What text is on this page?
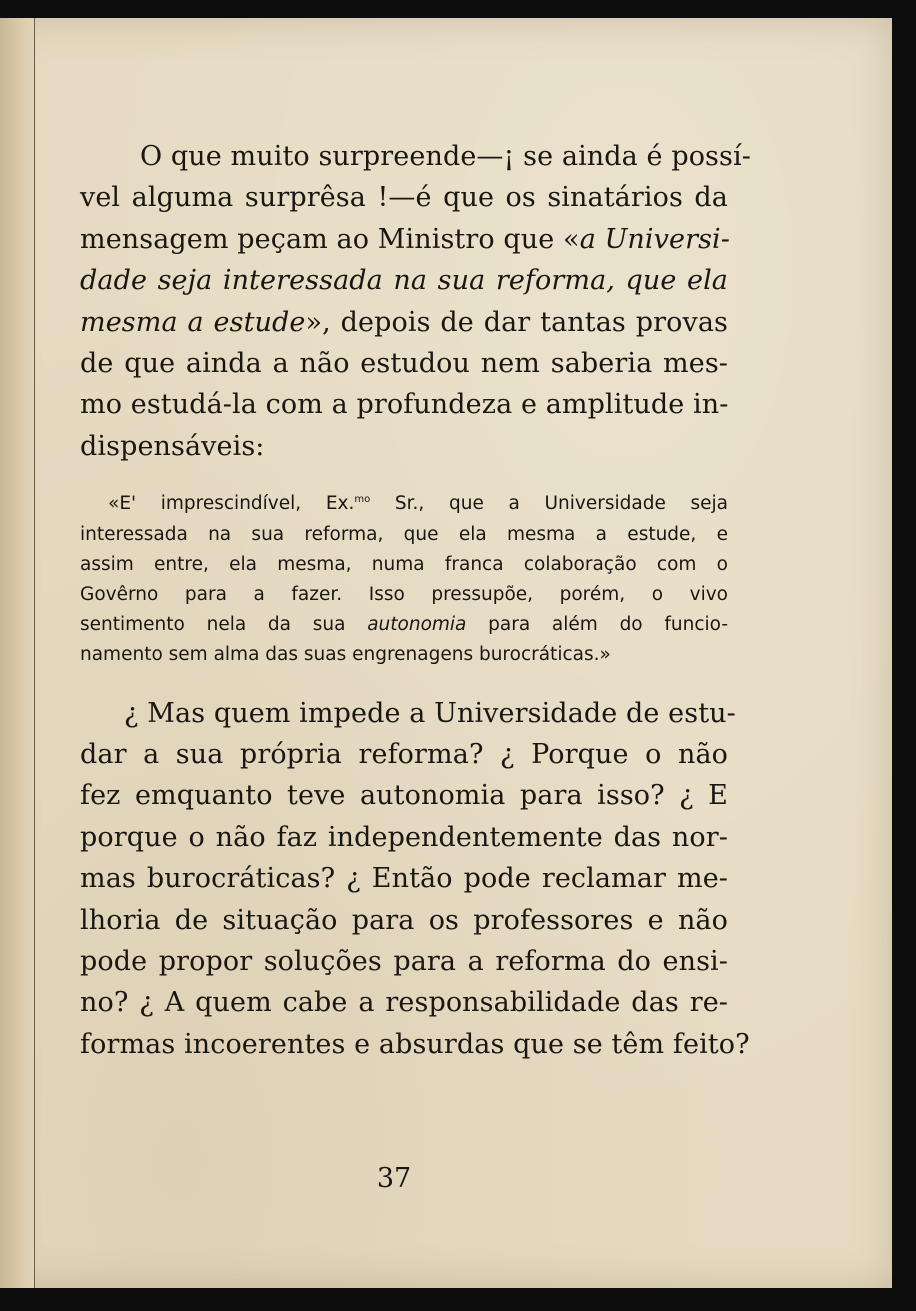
O que muito surpreende—¡ se ainda é possí-

vel alguma surprêsa !—é que os sinatários da

mensagem peçam ao Ministro que «a Universi-

dade seja interessada na sua reforma, que ela

mesma a estude», depois de dar tantas provas

de que ainda a não estudou nem saberia mes-

mo estudá-la com a profundeza e amplitude in-

dispensáveis:

«E' imprescindível, Ex.$^{mo}$ Sr., que a Universidade seja

interessada na sua reforma, que ela mesma a estude, e

assim entre, ela mesma, numa franca colaboração com o

Govêrno para a fazer. Isso pressupõe, porém, o vivo

sentimento nela da sua autonomia para além do funcio-

namento sem alma das suas engrenagens burocráticas.»

¿ Mas quem impede a Universidade de estu-

dar a sua própria reforma? ¿ Porque o não

fez emquanto teve autonomia para isso? ¿ E

porque o não faz independentemente das nor-

mas burocráticas? ¿ Então pode reclamar me-

lhoria de situação para os professores e não

pode propor soluções para a reforma do ensi-

no? ¿ A quem cabe a responsabilidade das re-

formas incoerentes e absurdas que se têm feito?

37
